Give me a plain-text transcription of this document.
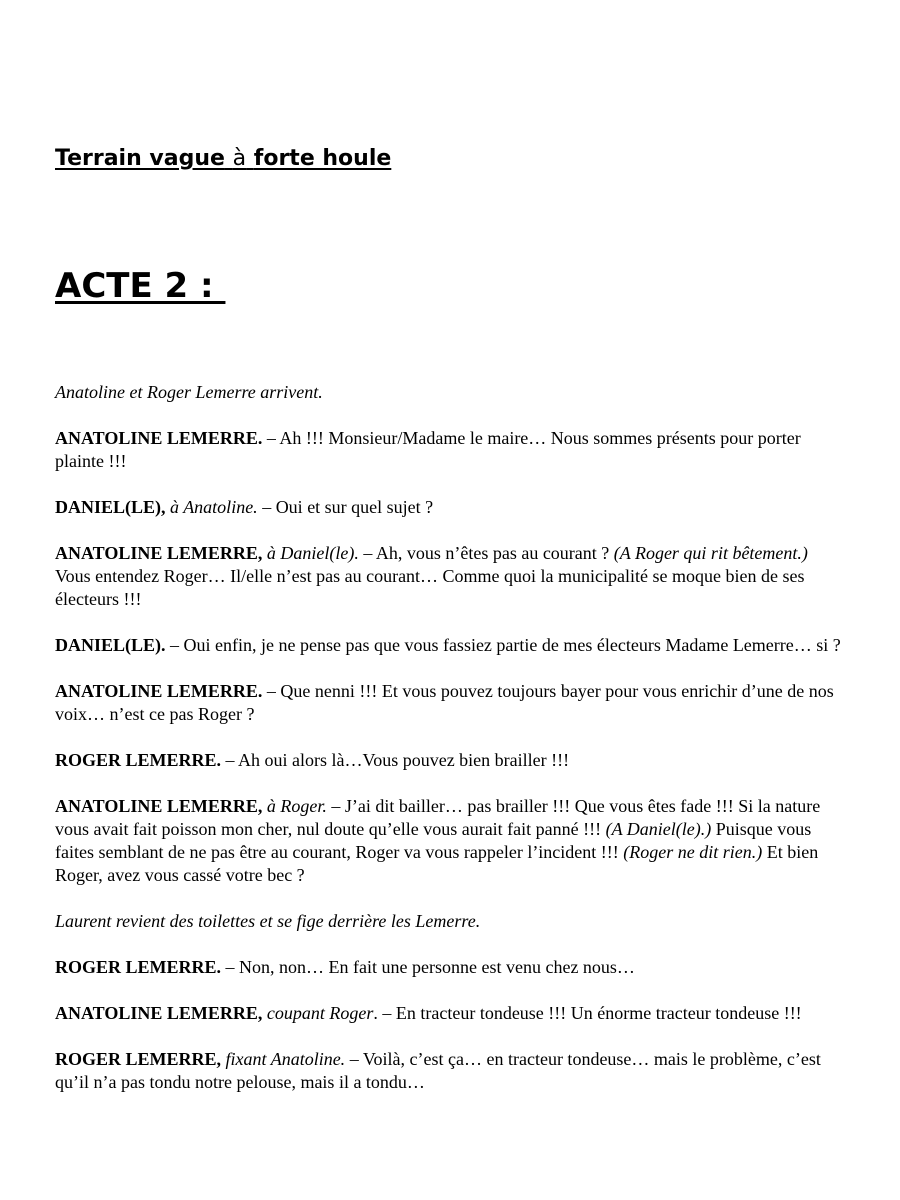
Terrain vague à forte houle
ACTE 2 :

Anatoline et Roger Lemerre arrivent.

ANATOLINE LEMERRE. – Ah !!! Monsieur/Madame le maire… Nous sommes présents pour porter plainte !!!

DANIEL(LE), à Anatoline. – Oui et sur quel sujet ?

ANATOLINE LEMERRE, à Daniel(le). – Ah, vous n’êtes pas au courant ? (A Roger qui rit bêtement.) Vous entendez Roger… Il/elle n’est pas au courant… Comme quoi la municipalité se moque bien de ses électeurs !!!

DANIEL(LE). – Oui enfin, je ne pense pas que vous fassiez partie de mes électeurs Madame Lemerre… si ?

ANATOLINE LEMERRE. – Que nenni !!! Et vous pouvez toujours bayer pour vous enrichir d’une de nos voix… n’est ce pas Roger ?

ROGER LEMERRE. – Ah oui alors là…Vous pouvez bien brailler !!!

ANATOLINE LEMERRE, à Roger. – J’ai dit bailler… pas brailler !!! Que vous êtes fade !!! Si la nature vous avait fait poisson mon cher, nul doute qu’elle vous aurait fait panné !!! (A Daniel(le).) Puisque vous faites semblant de ne pas être au courant, Roger va vous rappeler l’incident !!! (Roger ne dit rien.) Et bien Roger, avez vous cassé votre bec ?

Laurent revient des toilettes et se fige derrière les Lemerre.

ROGER LEMERRE. – Non, non… En fait une personne est venu chez nous…

ANATOLINE LEMERRE, coupant Roger. – En tracteur tondeuse !!! Un énorme tracteur tondeuse !!!

ROGER LEMERRE, fixant Anatoline. – Voilà, c’est ça… en tracteur tondeuse… mais le problème, c’est qu’il n’a pas tondu notre pelouse, mais il a tondu…
